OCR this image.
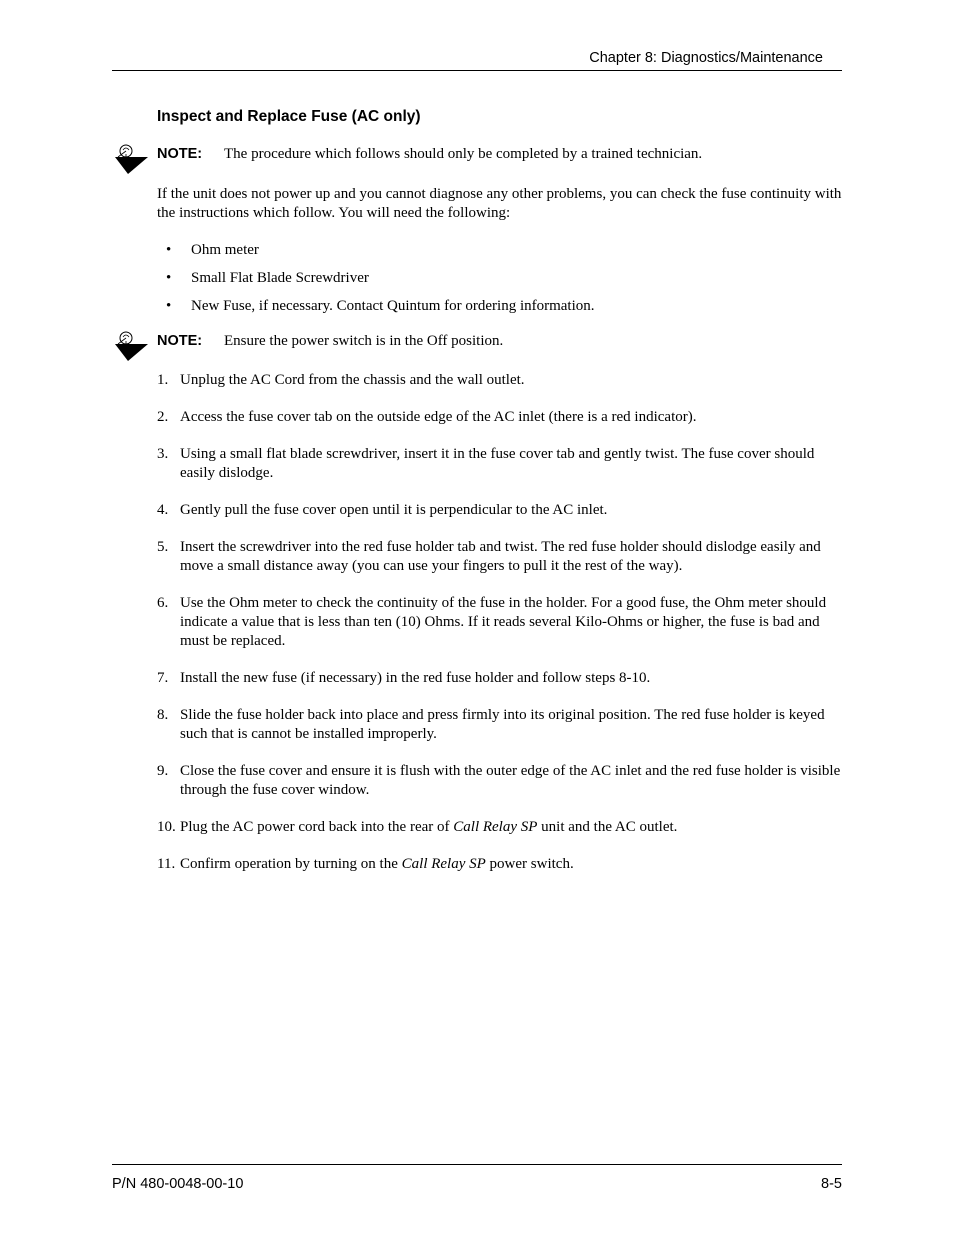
Chapter 8: Diagnostics/Maintenance
Inspect and Replace Fuse (AC only)
NOTE: The procedure which follows should only be completed by a trained technician.
If the unit does not power up and you cannot diagnose any other problems, you can check the fuse continuity with the instructions which follow. You will need the following:
• Ohm meter
• Small Flat Blade Screwdriver
• New Fuse, if necessary. Contact Quintum for ordering information.
NOTE: Ensure the power switch is in the Off position.
1. Unplug the AC Cord from the chassis and the wall outlet.
2. Access the fuse cover tab on the outside edge of the AC inlet (there is a red indicator).
3. Using a small flat blade screwdriver, insert it in the fuse cover tab and gently twist. The fuse cover should easily dislodge.
4. Gently pull the fuse cover open until it is perpendicular to the AC inlet.
5. Insert the screwdriver into the red fuse holder tab and twist. The red fuse holder should dislodge easily and move a small distance away (you can use your fingers to pull it the rest of the way).
6. Use the Ohm meter to check the continuity of the fuse in the holder. For a good fuse, the Ohm meter should indicate a value that is less than ten (10) Ohms. If it reads several Kilo-Ohms or higher, the fuse is bad and must be replaced.
7. Install the new fuse (if necessary) in the red fuse holder and follow steps 8-10.
8. Slide the fuse holder back into place and press firmly into its original position. The red fuse holder is keyed such that is cannot be installed improperly.
9. Close the fuse cover and ensure it is flush with the outer edge of the AC inlet and the red fuse holder is visible through the fuse cover window.
10. Plug the AC power cord back into the rear of Call Relay SP unit and the AC outlet.
11. Confirm operation by turning on the Call Relay SP power switch.
P/N 480-0048-00-10	8-5
